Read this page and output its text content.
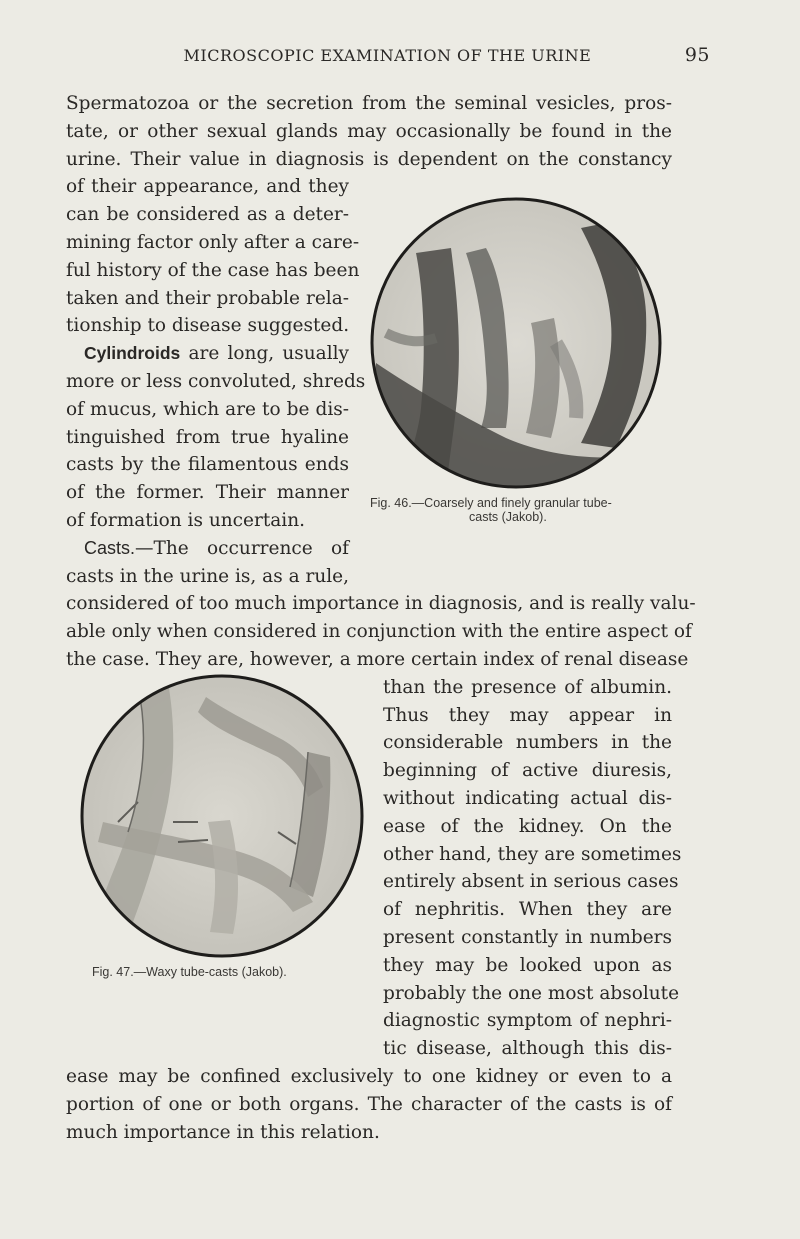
MICROSCOPIC EXAMINATION OF THE URINE	95
Spermatozoa or the secretion from the seminal vesicles, pros-
tate, or other sexual glands may occasionally be found in the
urine. Their value in diagnosis is dependent on the constancy
of their appearance, and they
can be considered as a deter-
mining factor only after a care-
ful history of the case has been
taken and their probable rela-
tionship to disease suggested.
Cylindroids are long, usually
more or less convoluted, shreds
of mucus, which are to be dis-
tinguished from true hyaline
casts by the filamentous ends
of the former. Their manner
of formation is uncertain.
Casts.—The occurrence of
casts in the urine is, as a rule,
considered of too much importance in diagnosis, and is really valu-
able only when considered in conjunction with the entire aspect of
the case. They are, however, a more certain index of renal disease
than the presence of albumin.
Thus they may appear in
considerable numbers in the
beginning of active diuresis,
without indicating actual dis-
ease of the kidney. On the
other hand, they are sometimes
entirely absent in serious cases
of nephritis. When they are
present constantly in numbers
they may be looked upon as
probably the one most absolute
diagnostic symptom of nephri-
tic disease, although this dis-
ease may be confined exclusively to one kidney or even to a
portion of one or both organs. The character of the casts is of
much importance in this relation.
Fig. 46.—Coarsely and finely granular tube-
casts (Jakob).
Fig. 47.—Waxy tube-casts (Jakob).
